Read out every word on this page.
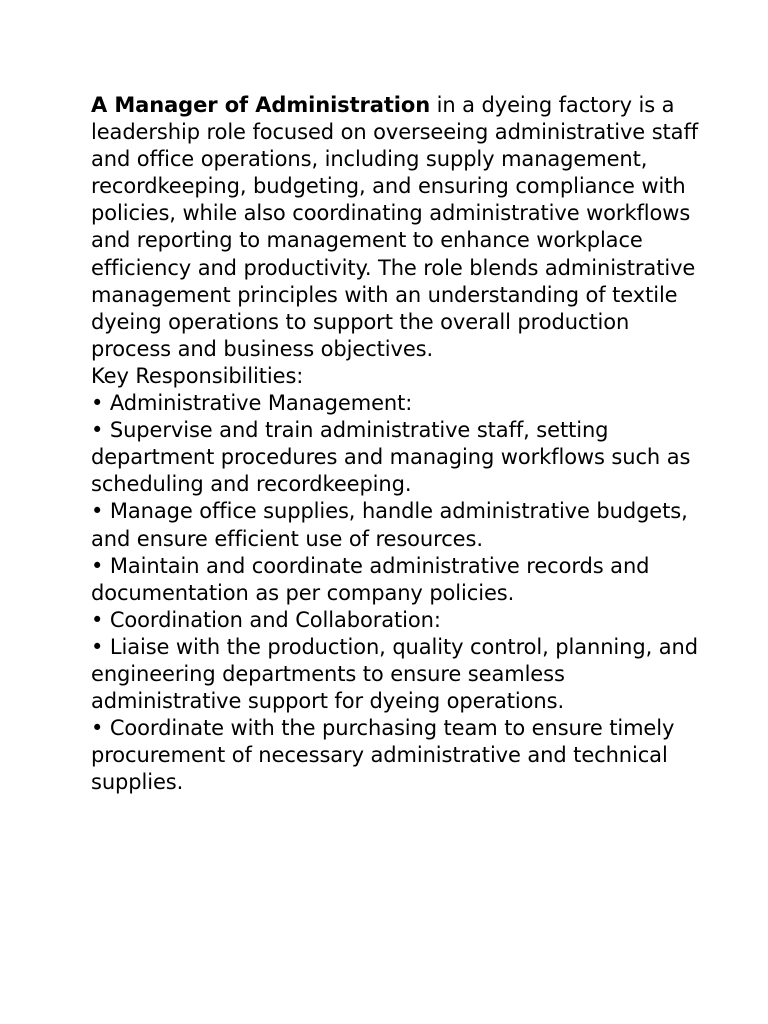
A Manager of Administration in a dyeing factory is a leadership role focused on overseeing administrative staff and office operations, including supply management, recordkeeping, budgeting, and ensuring compliance with policies, while also coordinating administrative workflows and reporting to management to enhance workplace efficiency and productivity. The role blends administrative management principles with an understanding of textile dyeing operations to support the overall production process and business objectives.

Key Responsibilities:

• Administrative Management:

• Supervise and train administrative staff, setting department procedures and managing workflows such as scheduling and recordkeeping.

• Manage office supplies, handle administrative budgets, and ensure efficient use of resources.

• Maintain and coordinate administrative records and documentation as per company policies.

• Coordination and Collaboration:

• Liaise with the production, quality control, planning, and engineering departments to ensure seamless administrative support for dyeing operations.

• Coordinate with the purchasing team to ensure timely procurement of necessary administrative and technical supplies.
